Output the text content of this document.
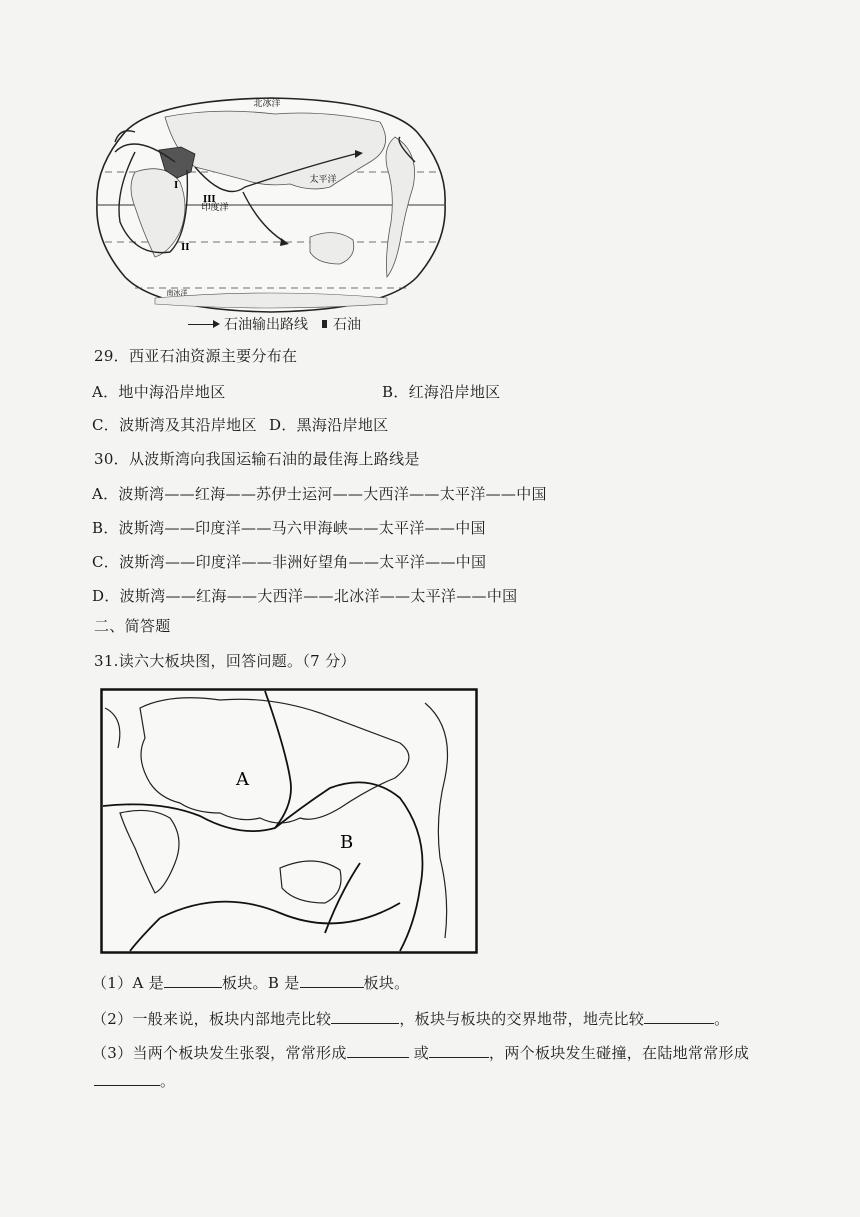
北冰洋
太平洋
印度洋
南冰洋
I
II
III
石油输出路线 石油
29．西亚石油资源主要分布在
A．地中海沿岸地区	B．红海沿岸地区
C．波斯湾及其沿岸地区 D．黑海沿岸地区
30．从波斯湾向我国运输石油的最佳海上路线是
A．波斯湾——红海——苏伊士运河——大西洋——太平洋——中国
B．波斯湾——印度洋——马六甲海峡——太平洋——中国
C．波斯湾——印度洋——非洲好望角——太平洋——中国
D．波斯湾——红海——大西洋——北冰洋——太平洋——中国
二、简答题
31.读六大板块图，回答问题。（7 分）
A
B
（1）A 是	板块。B 是	板块。
（2）一般来说，板块内部地壳比较	，板块与板块的交界地带，地壳比较	。
（3）当两个板块发生张裂，常常形成	或	，两个板块发生碰撞，在陆地常常形成
。
